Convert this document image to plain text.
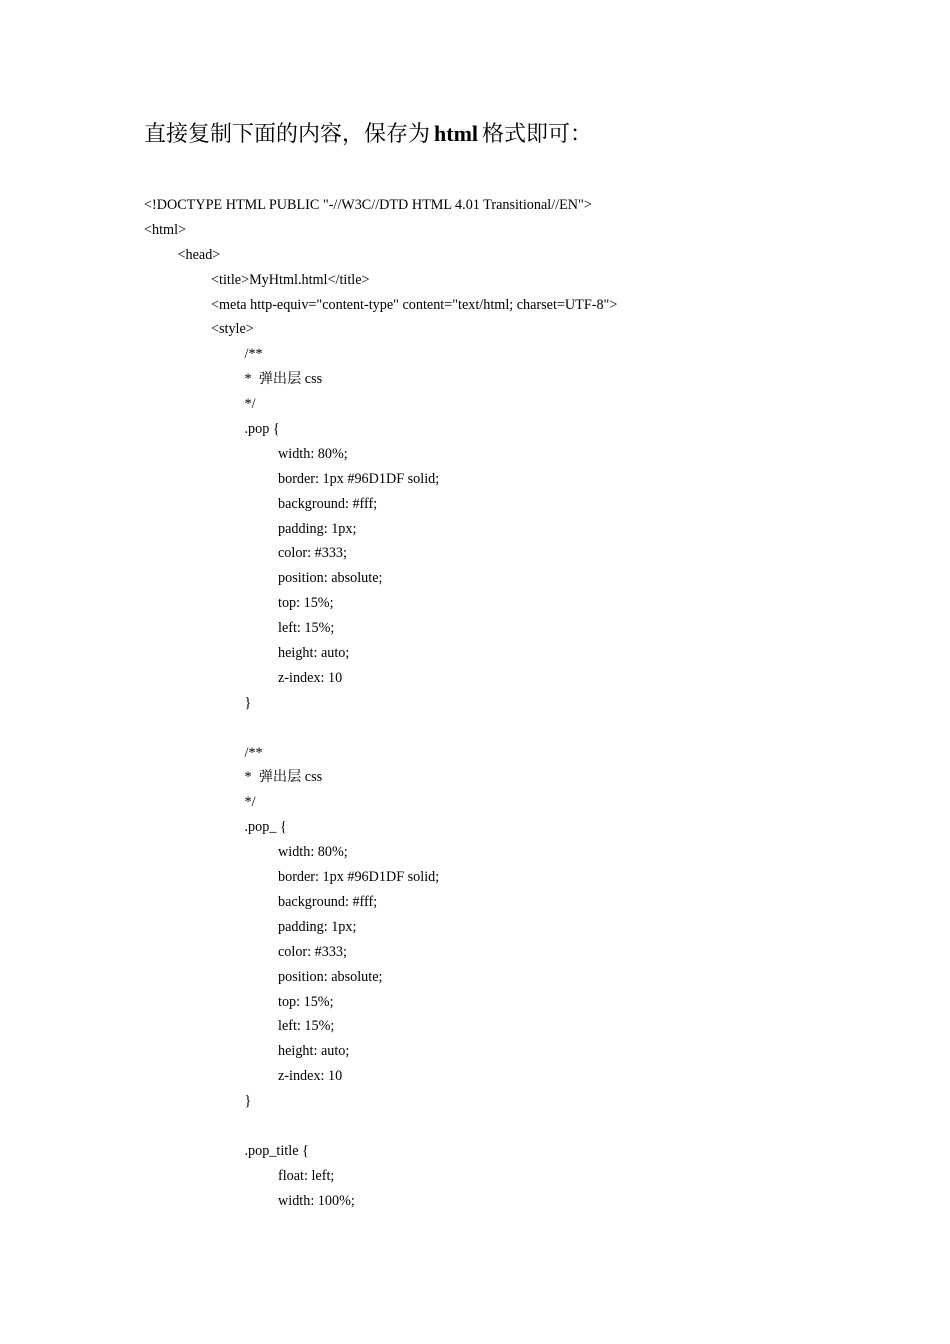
直接复制下面的内容，保存为 html 格式即可：
<!DOCTYPE HTML PUBLIC "-//W3C//DTD HTML 4.01 Transitional//EN">
<html>
<head>
<title>MyHtml.html</title>
<meta http-equiv="content-type" content="text/html; charset=UTF-8">
<style>
/**
*  弹出层 css
*/
.pop {
width: 80%;
border: 1px #96D1DF solid;
background: #fff;
padding: 1px;
color: #333;
position: absolute;
top: 15%;
left: 15%;
height: auto;
z-index: 10
}
/**
*  弹出层 css
*/
.pop_ {
width: 80%;
border: 1px #96D1DF solid;
background: #fff;
padding: 1px;
color: #333;
position: absolute;
top: 15%;
left: 15%;
height: auto;
z-index: 10
}
.pop_title {
float: left;
width: 100%;
